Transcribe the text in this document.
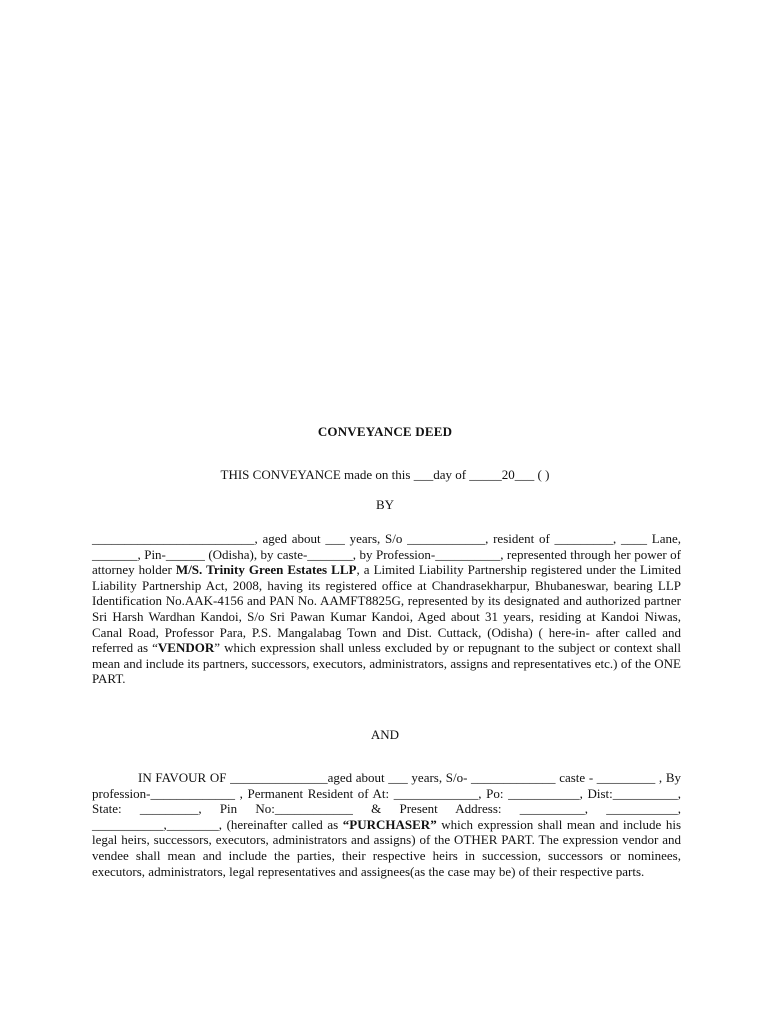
CONVEYANCE DEED
THIS CONVEYANCE made on this ___day of _____20___ ( )
BY

_________________________, aged about ___ years, S/o ____________, resident of _________, ____ Lane, _______, Pin-______ (Odisha), by caste-_______, by Profession-__________, represented through her power of attorney holder M/S. Trinity Green Estates LLP, a Limited Liability Partnership registered under the Limited Liability Partnership Act, 2008, having its registered office at Chandrasekharpur, Bhubaneswar, bearing LLP Identification No.AAK-4156 and PAN No. AAMFT8825G, represented by its designated and authorized partner Sri Harsh Wardhan Kandoi, S/o Sri Pawan Kumar Kandoi, Aged about 31 years, residing at Kandoi Niwas, Canal Road, Professor Para, P.S. Mangalabag Town and Dist. Cuttack, (Odisha) ( here-in- after called and referred as “VENDOR” which expression shall unless excluded by or repugnant to the subject or context shall mean and include its partners, successors, executors, administrators, assigns and representatives etc.) of the ONE PART.

AND

IN FAVOUR OF _______________aged about ___ years, S/o- _____________ caste - _________ , By profession-_____________ , Permanent Resident of At: _____________, Po: ___________, Dist:__________, State: _________, Pin No:____________ & Present Address: __________, ___________, ___________,________, (hereinafter called as “PURCHASER” which expression shall mean and include his legal heirs, successors, executors, administrators and assigns) of the OTHER PART. The expression vendor and vendee shall mean and include the parties, their respective heirs in succession, successors or nominees, executors, administrators, legal representatives and assignees(as the case may be) of their respective parts.
